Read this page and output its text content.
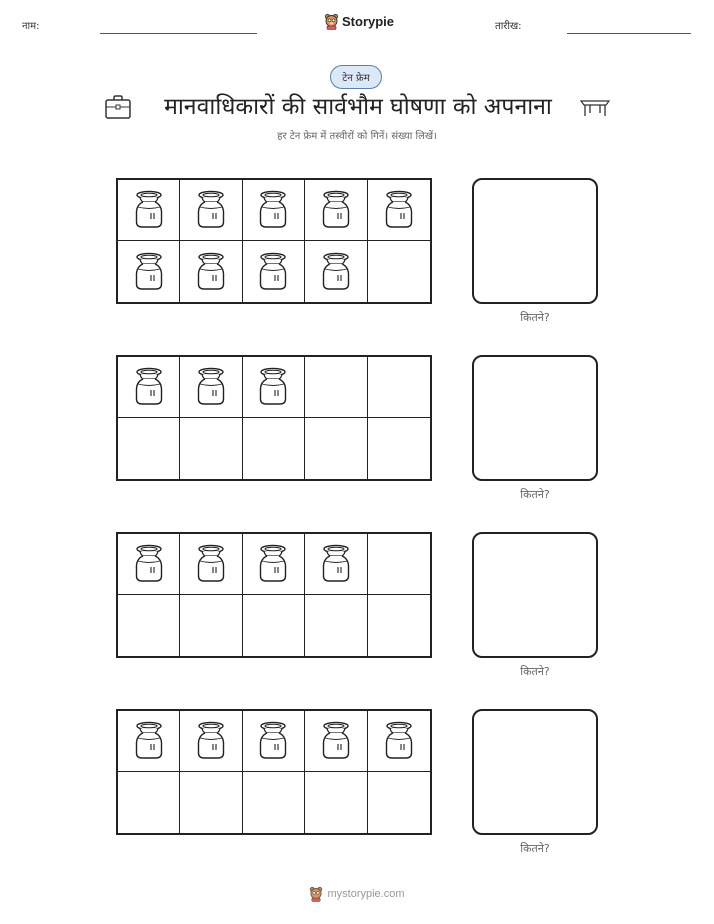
नाम:	Storypie	तारीख:
टेन फ्रेम
मानवाधिकारों की सार्वभौम घोषणा को अपनाना
हर टेन फ्रेम में तस्वीरों को गिनें। संख्या लिखें।
कितने?
कितने?
कितने?
कितने?
mystorypie.com
